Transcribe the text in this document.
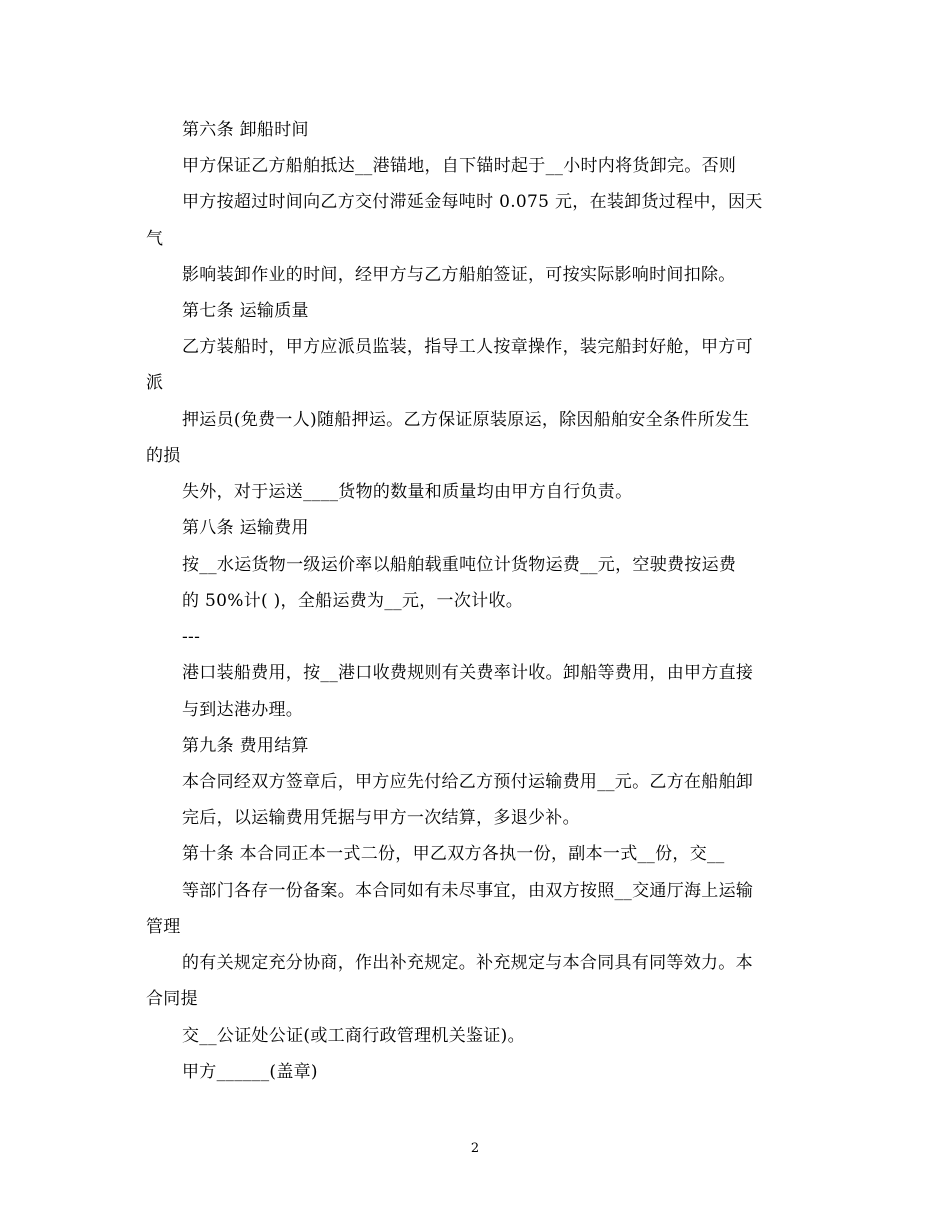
第六条 卸船时间
甲方保证乙方船舶抵达__港锚地，自下锚时起于__小时内将货卸完。否则
甲方按超过时间向乙方交付滞延金每吨时 0.075 元，在装卸货过程中，因天
气
影响装卸作业的时间，经甲方与乙方船舶签证，可按实际影响时间扣除。
第七条 运输质量
乙方装船时，甲方应派员监装，指导工人按章操作，装完船封好舱，甲方可
派
押运员(免费一人)随船押运。乙方保证原装原运，除因船舶安全条件所发生
的损
失外，对于运送____货物的数量和质量均由甲方自行负责。
第八条 运输费用
按__水运货物一级运价率以船舶载重吨位计货物运费__元，空驶费按运费
的 50%计( )，全船运费为__元，一次计收。
---
港口装船费用，按__港口收费规则有关费率计收。卸船等费用，由甲方直接
与到达港办理。
第九条 费用结算
本合同经双方签章后，甲方应先付给乙方预付运输费用__元。乙方在船舶卸
完后，以运输费用凭据与甲方一次结算，多退少补。
第十条 本合同正本一式二份，甲乙双方各执一份，副本一式__份，交__
等部门各存一份备案。本合同如有未尽事宜，由双方按照__交通厅海上运输
管理
的有关规定充分协商，作出补充规定。补充规定与本合同具有同等效力。本
合同提
交__公证处公证(或工商行政管理机关鉴证)。
甲方______(盖章)
2
